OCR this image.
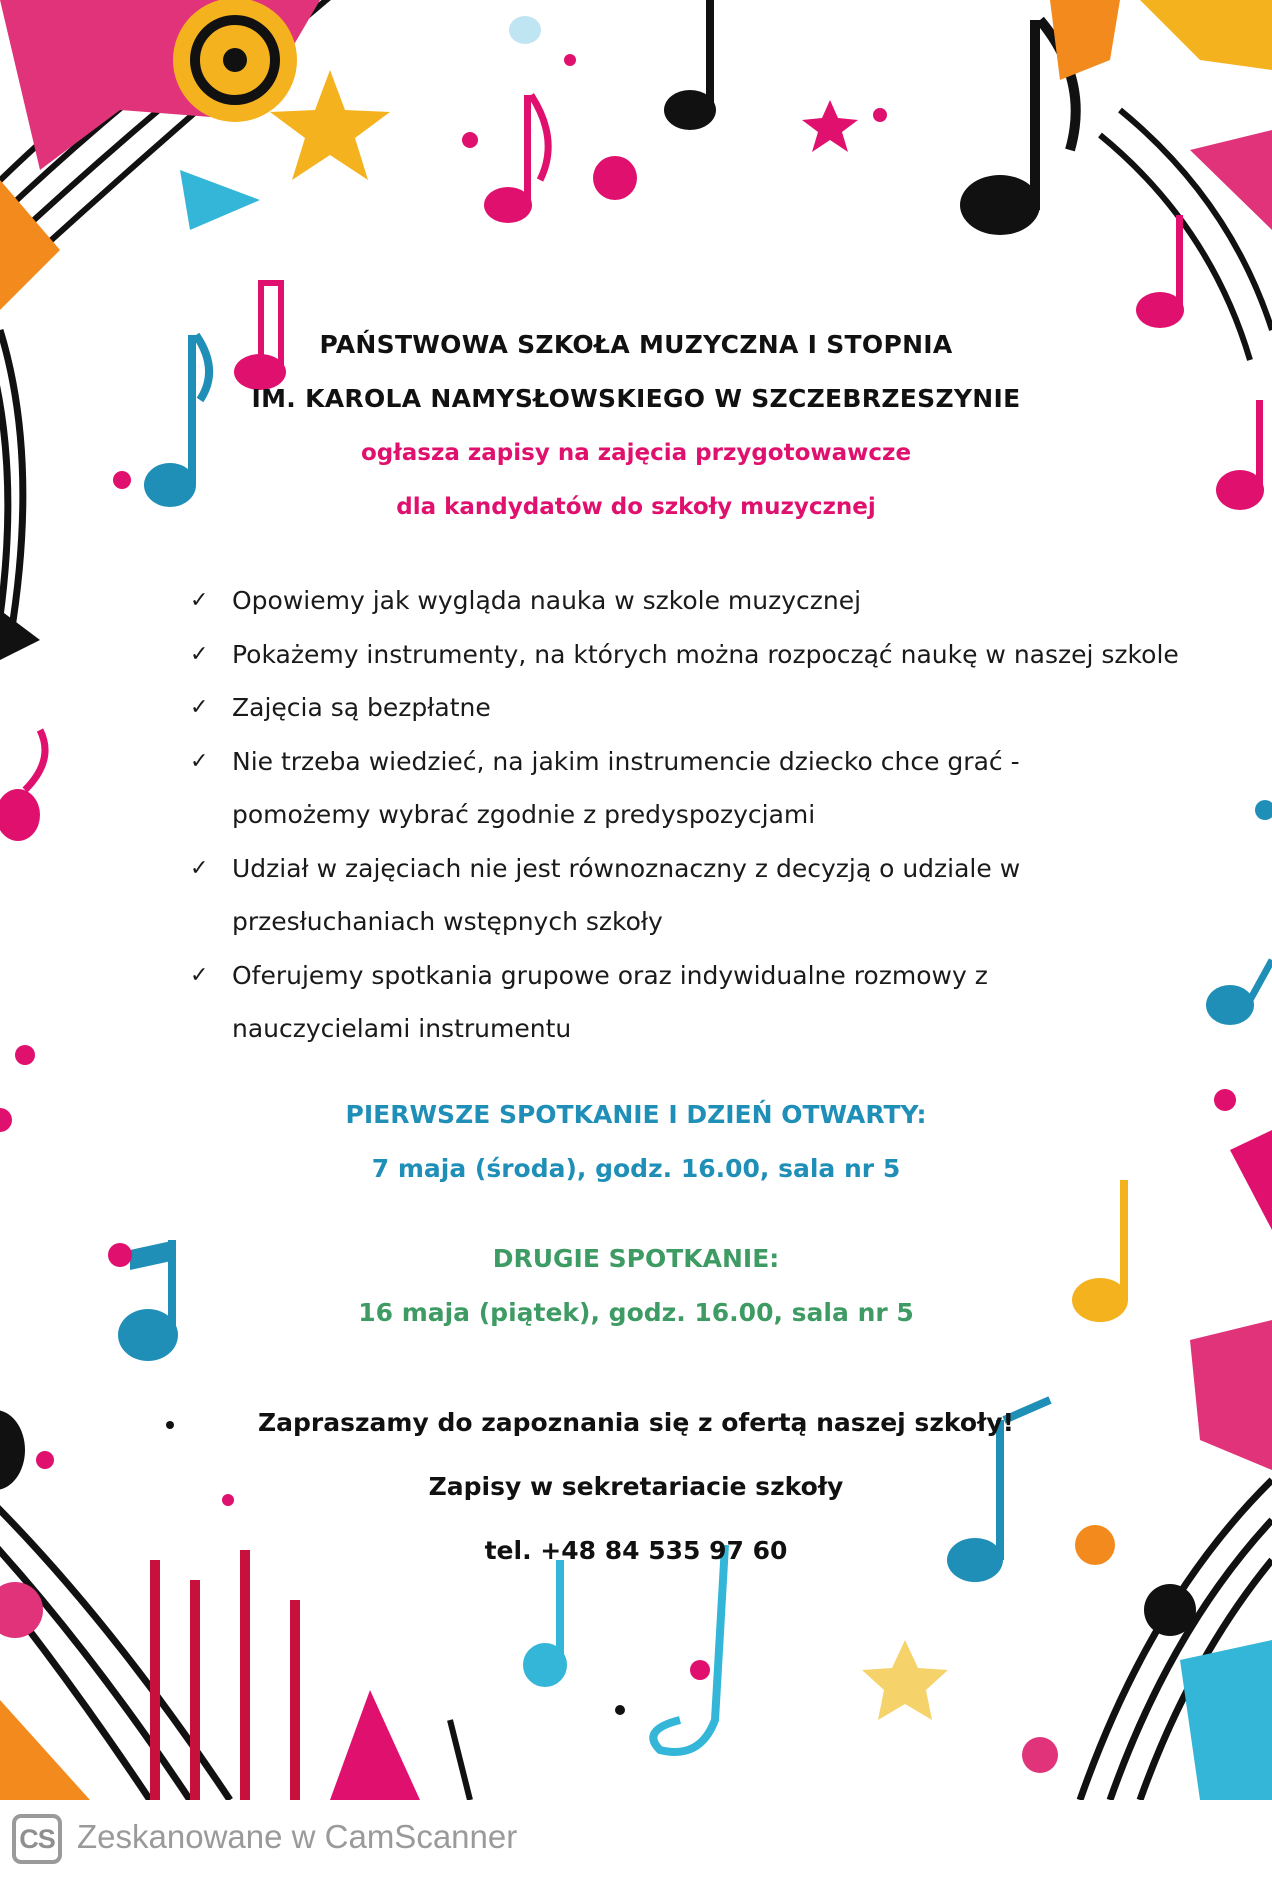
PAŃSTWOWA SZKOŁA MUZYCZNA I STOPNIA
IM. KAROLA NAMYSŁOWSKIEGO W SZCZEBRZESZYNIE
ogłasza zapisy na zajęcia przygotowawcze
dla kandydatów do szkoły muzycznej
✓ Opowiemy jak wygląda nauka w szkole muzycznej
✓ Pokażemy instrumenty, na których można rozpocząć naukę w naszej szkole
✓ Zajęcia są bezpłatne
✓ Nie trzeba wiedzieć, na jakim instrumencie dziecko chce grać - pomożemy wybrać zgodnie z predyspozycjami
✓ Udział w zajęciach nie jest równoznaczny z decyzją o udziale w przesłuchaniach wstępnych szkoły
✓ Oferujemy spotkania grupowe oraz indywidualne rozmowy z nauczycielami instrumentu
PIERWSZE SPOTKANIE I DZIEŃ OTWARTY:
7 maja (środa), godz. 16.00, sala nr 5
DRUGIE SPOTKANIE:
16 maja (piątek), godz. 16.00, sala nr 5
Zapraszamy do zapoznania się z ofertą naszej szkoły!
Zapisy w sekretariacie szkoły
tel. +48 84 535 97 60
CS Zeskanowane w CamScanner
